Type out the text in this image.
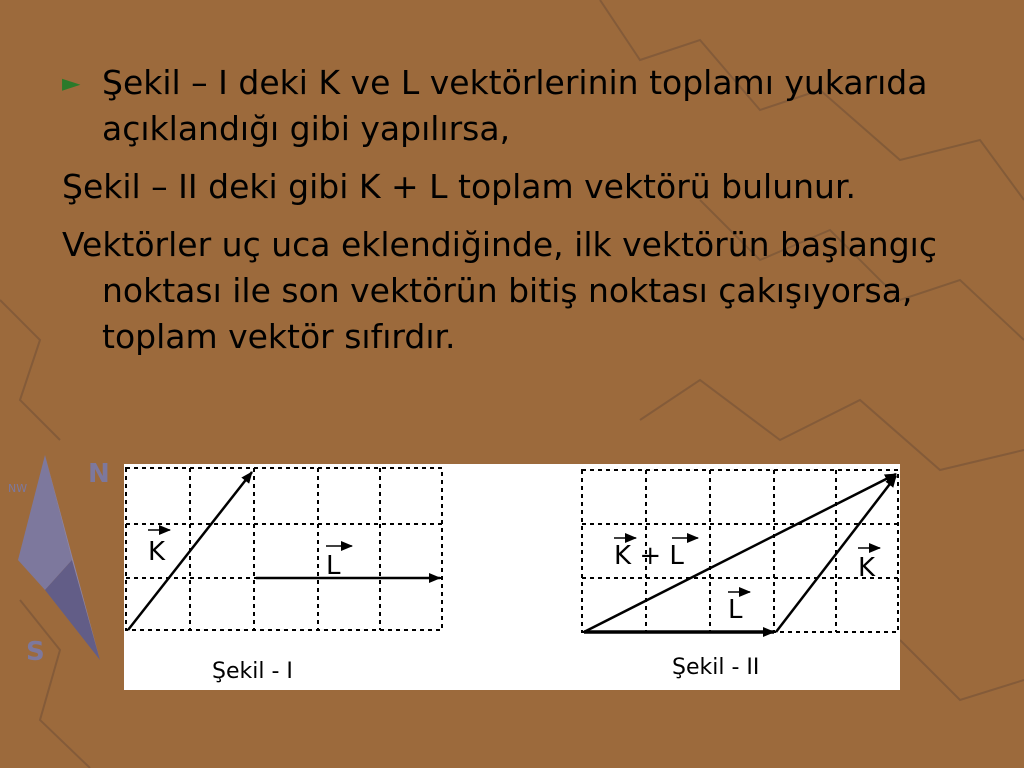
N
S
NW

► Şekil – I deki K ve L vektörlerinin toplamı yukarıda açıklandığı gibi yapılırsa,

Şekil – II deki gibi K + L toplam vektörü bulunur.

Vektörler uç uca eklendiğinde, ilk vektörün başlangıç noktası ile son vektörün bitiş noktası çakışıyorsa, toplam vektör sıfırdır.

K	L
Şekil - I
K + L	K
L
Şekil - II
